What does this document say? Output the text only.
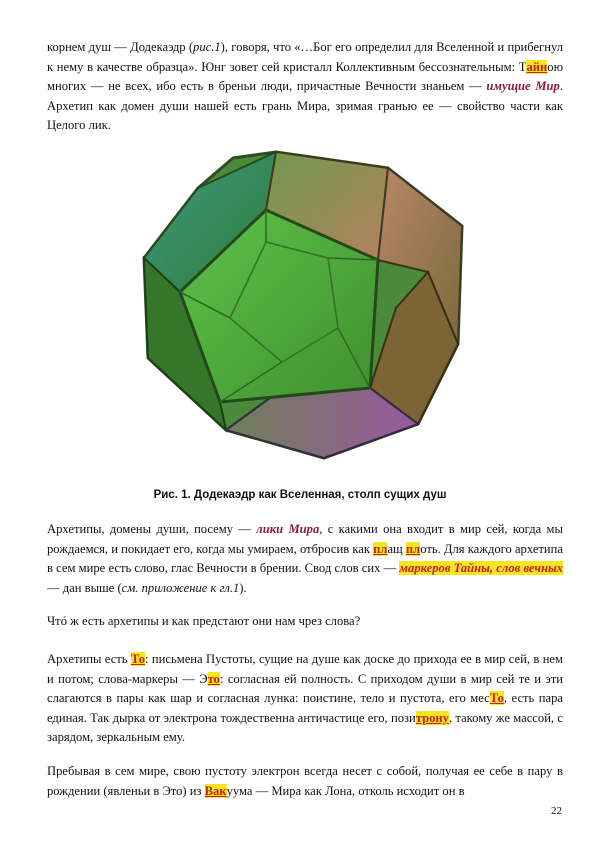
корнем душ — Додекаэдр (рис.1), говоря, что «…Бог его определил для Вселенной и прибегнул к нему в качестве образца». Юнг зовет сей кристалл Коллективным бессознательным: Тайною многих — не всех, ибо есть в бреньи люди, причастные Вечности знаньем — имущие Мир. Архетип как домен души нашей есть грань Мира, зримая гранью ее — свойство части как Целого лик.
Рис. 1. Додекаэдр как Вселенная, столп сущих душ
Архетипы, домены души, посему — лики Мира, с какими она входит в мир сей, когда мы рождаемся, и покидает его, когда мы умираем, отбросив как плащ плоть. Для каждого архетипа в сем мире есть слово, глас Вечности в брении. Свод слов сих — маркеров Тайны, слов вечных — дан выше (см. приложение к гл.1).
Чтó ж есть архетипы и как предстают они нам чрез слова?
Архетипы есть То: письмена Пустоты, сущие на душе как доске до прихода ее в мир сей, в нем и потом; слова-маркеры — Это: согласная ей полность. С приходом души в мир сей те и эти слагаются в пары как шар и согласная лунка: поистине, тело и пустота, его месТо, есть пара единая. Так дырка от электрона тождественна античастице его, позитрону, такому же массой, с зарядом, зеркальным ему.
Пребывая в сем мире, свою пустоту электрон всегда несет с собой, получая ее себе в пару в рождении (явленьи в Это) из Вакуума — Мира как Лона, отколь исходит он в
22
